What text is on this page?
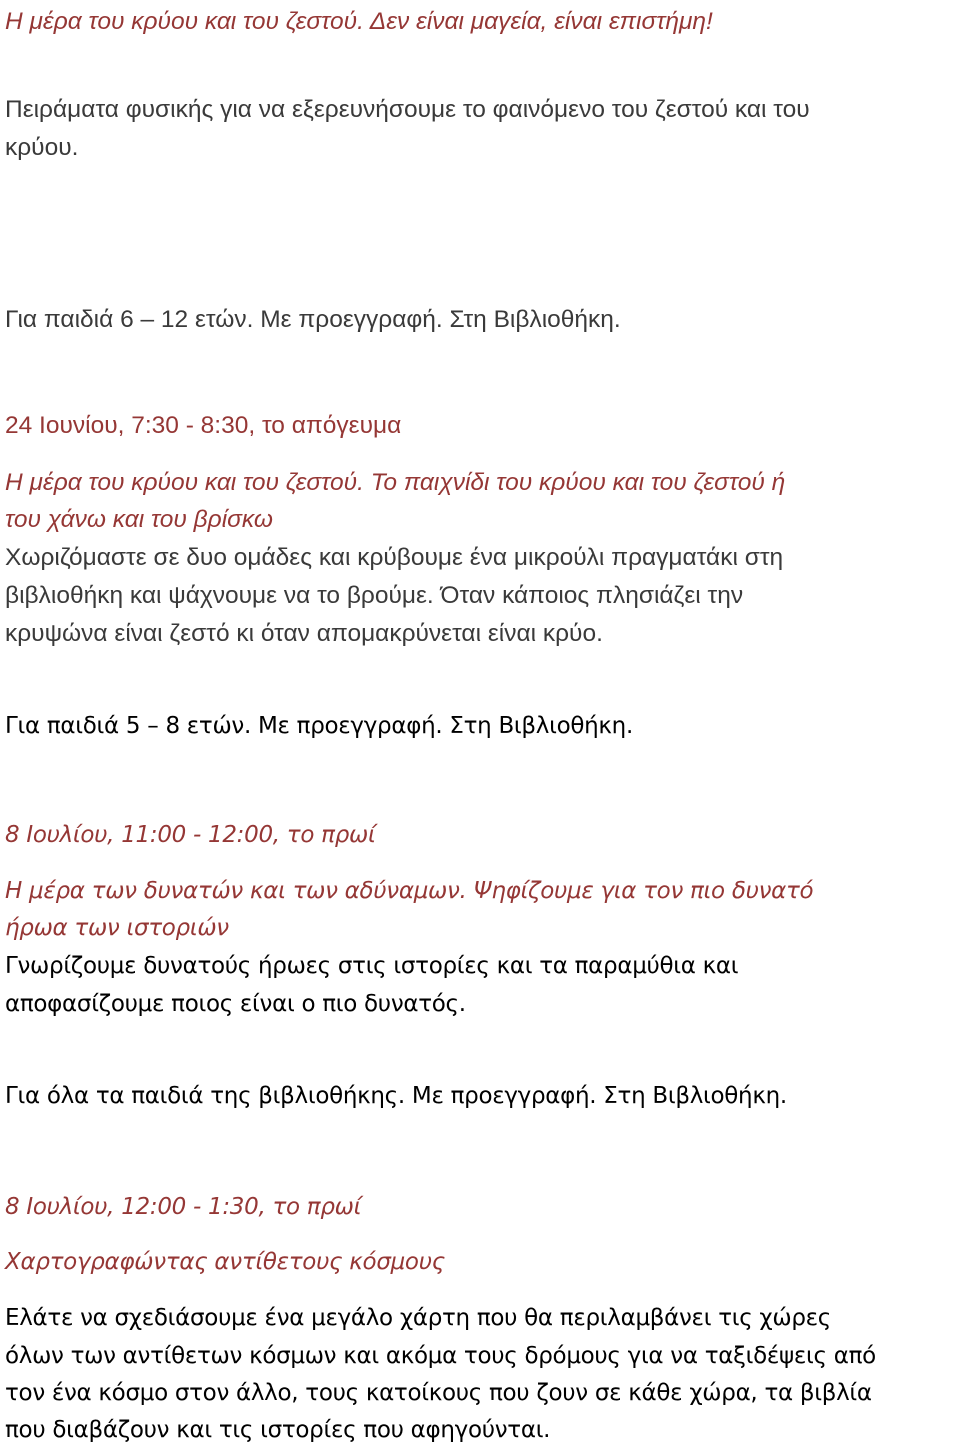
Η μέρα του κρύου και του ζεστού. Δεν είναι μαγεία, είναι επιστήμη!

Πειράματα φυσικής για να εξερευνήσουμε το φαινόμενο του ζεστού και του

κρύου.

Για παιδιά 6 – 12 ετών. Με προεγγραφή. Στη Βιβλιοθήκη.

24 Ιουνίου, 7:30 - 8:30, το απόγευμα

Η μέρα του κρύου και του ζεστού. Το παιχνίδι του κρύου και του ζεστού ή

του χάνω και του βρίσκω

Χωριζόμαστε σε δυο ομάδες και κρύβουμε ένα μικρούλι πραγματάκι στη

βιβλιοθήκη και ψάχνουμε να το βρούμε. Όταν κάποιος πλησιάζει την

κρυψώνα είναι ζεστό κι όταν απομακρύνεται είναι κρύο.

Για παιδιά 5 – 8 ετών. Με προεγγραφή. Στη Βιβλιοθήκη.

8 Ιουλίου, 11:00 - 12:00, το πρωί

Η μέρα των δυνατών και των αδύναμων. Ψηφίζουμε για τον πιο δυνατό

ήρωα των ιστοριών

Γνωρίζουμε δυνατούς ήρωες στις ιστορίες και τα παραμύθια και

αποφασίζουμε ποιος είναι ο πιο δυνατός.

Για όλα τα παιδιά της βιβλιοθήκης. Με προεγγραφή. Στη Βιβλιοθήκη.

8 Ιουλίου, 12:00 - 1:30, το πρωί

Χαρτογραφώντας αντίθετους κόσμους

Ελάτε να σχεδιάσουμε ένα μεγάλο χάρτη που θα περιλαμβάνει τις χώρες

όλων των αντίθετων κόσμων και ακόμα τους δρόμους για να ταξιδέψεις από

τον ένα κόσμο στον άλλο, τους κατοίκους που ζουν σε κάθε χώρα, τα βιβλία

που διαβάζουν και τις ιστορίες που αφηγούνται.
